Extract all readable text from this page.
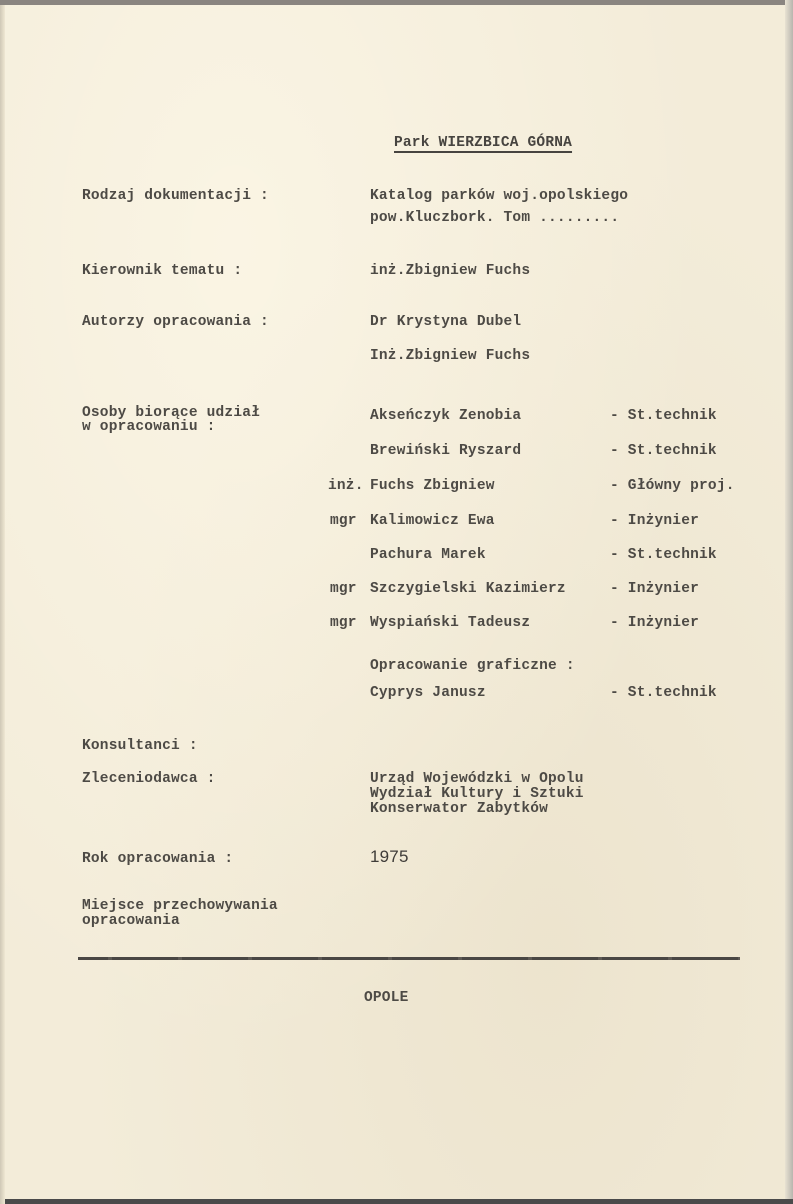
Park WIERZBICA GÓRNA
Rodzaj dokumentacji :	Katalog parków woj.opolskiego
pow.Kluczbork. Tom .........
Kierownik tematu :	inż.Zbigniew Fuchs
Autorzy opracowania :	Dr Krystyna Dubel
Inż.Zbigniew Fuchs
Osoby biorące udział
w opracowaniu :
Akseńczyk Zenobia	- St.technik
Brewiński Ryszard	- St.technik
inż. Fuchs Zbigniew	- Główny proj.
mgr Kalimowicz Ewa	- Inżynier
Pachura Marek	- St.technik
mgr Szczygielski Kazimierz	- Inżynier
mgr Wyspiański Tadeusz	- Inżynier
Opracowanie graficzne :
Cyprys Janusz	- St.technik
Konsultanci :
Zleceniodawca :	Urząd Wojewódzki w Opolu
Wydział Kultury i Sztuki
Konserwator Zabytków
Rok opracowania :	1975
Miejsce przechowywania
opracowania
OPOLE
